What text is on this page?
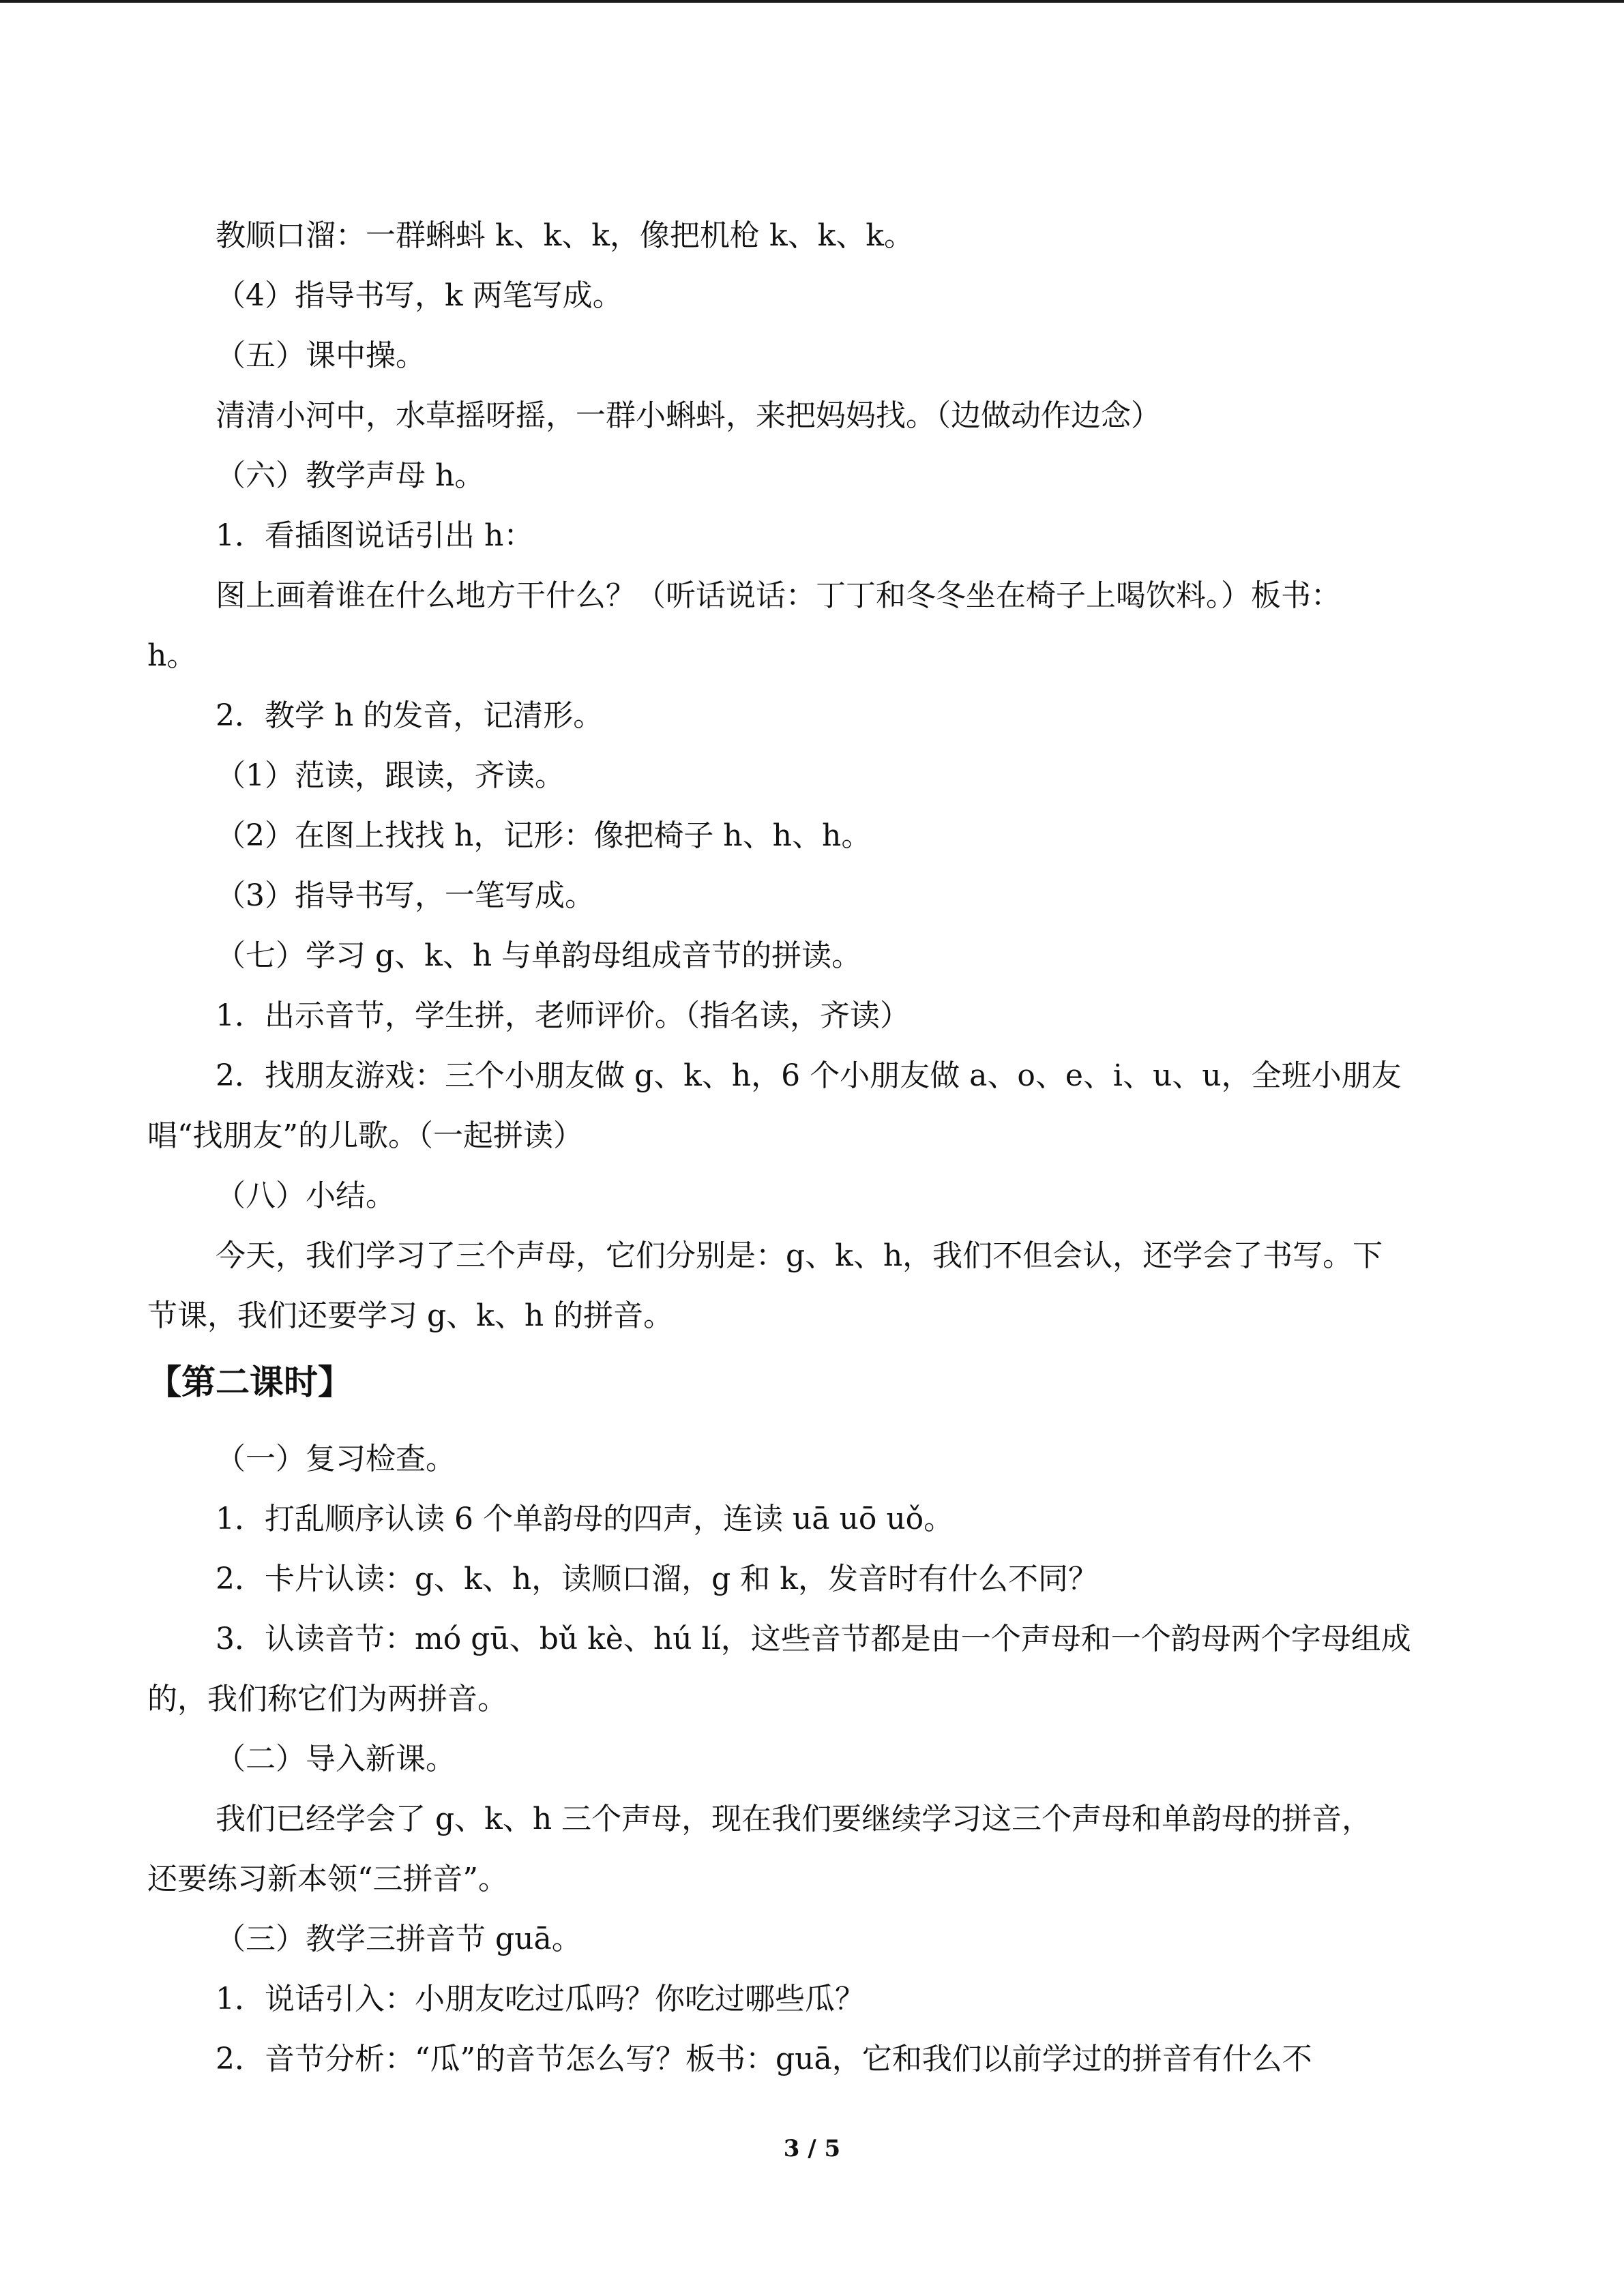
教顺口溜：一群蝌蚪 k、k、k，像把机枪 k、k、k。
（4）指导书写，k 两笔写成。
（五）课中操。
清清小河中，水草摇呀摇，一群小蝌蚪，来把妈妈找。（边做动作边念）
（六）教学声母 h。
1．看插图说话引出 h：
图上画着谁在什么地方干什么？（听话说话：丁丁和冬冬坐在椅子上喝饮料。）板书：
h。
2．教学 h 的发音，记清形。
（1）范读，跟读，齐读。
（2）在图上找找 h，记形：像把椅子 h、h、h。
（3）指导书写，一笔写成。
（七）学习 g、k、h 与单韵母组成音节的拼读。
1．出示音节，学生拼，老师评价。（指名读，齐读）
2．找朋友游戏：三个小朋友做 g、k、h，6 个小朋友做 a、o、e、i、u、u，全班小朋友
唱“找朋友”的儿歌。（一起拼读）
（八）小结。
今天，我们学习了三个声母，它们分别是：g、k、h，我们不但会认，还学会了书写。下
节课，我们还要学习 g、k、h 的拼音。
【第二课时】
（一）复习检查。
1．打乱顺序认读 6 个单韵母的四声，连读 uā uō uǒ。
2．卡片认读：g、k、h，读顺口溜，g 和 k，发音时有什么不同？
3．认读音节：mó gū、bǔ kè、hú lí，这些音节都是由一个声母和一个韵母两个字母组成
的，我们称它们为两拼音。
（二）导入新课。
我们已经学会了 g、k、h 三个声母，现在我们要继续学习这三个声母和单韵母的拼音，
还要练习新本领“三拼音”。
（三）教学三拼音节 guā。
1．说话引入：小朋友吃过瓜吗？你吃过哪些瓜？
2．音节分析：“瓜”的音节怎么写？板书：guā，它和我们以前学过的拼音有什么不
3 / 5
